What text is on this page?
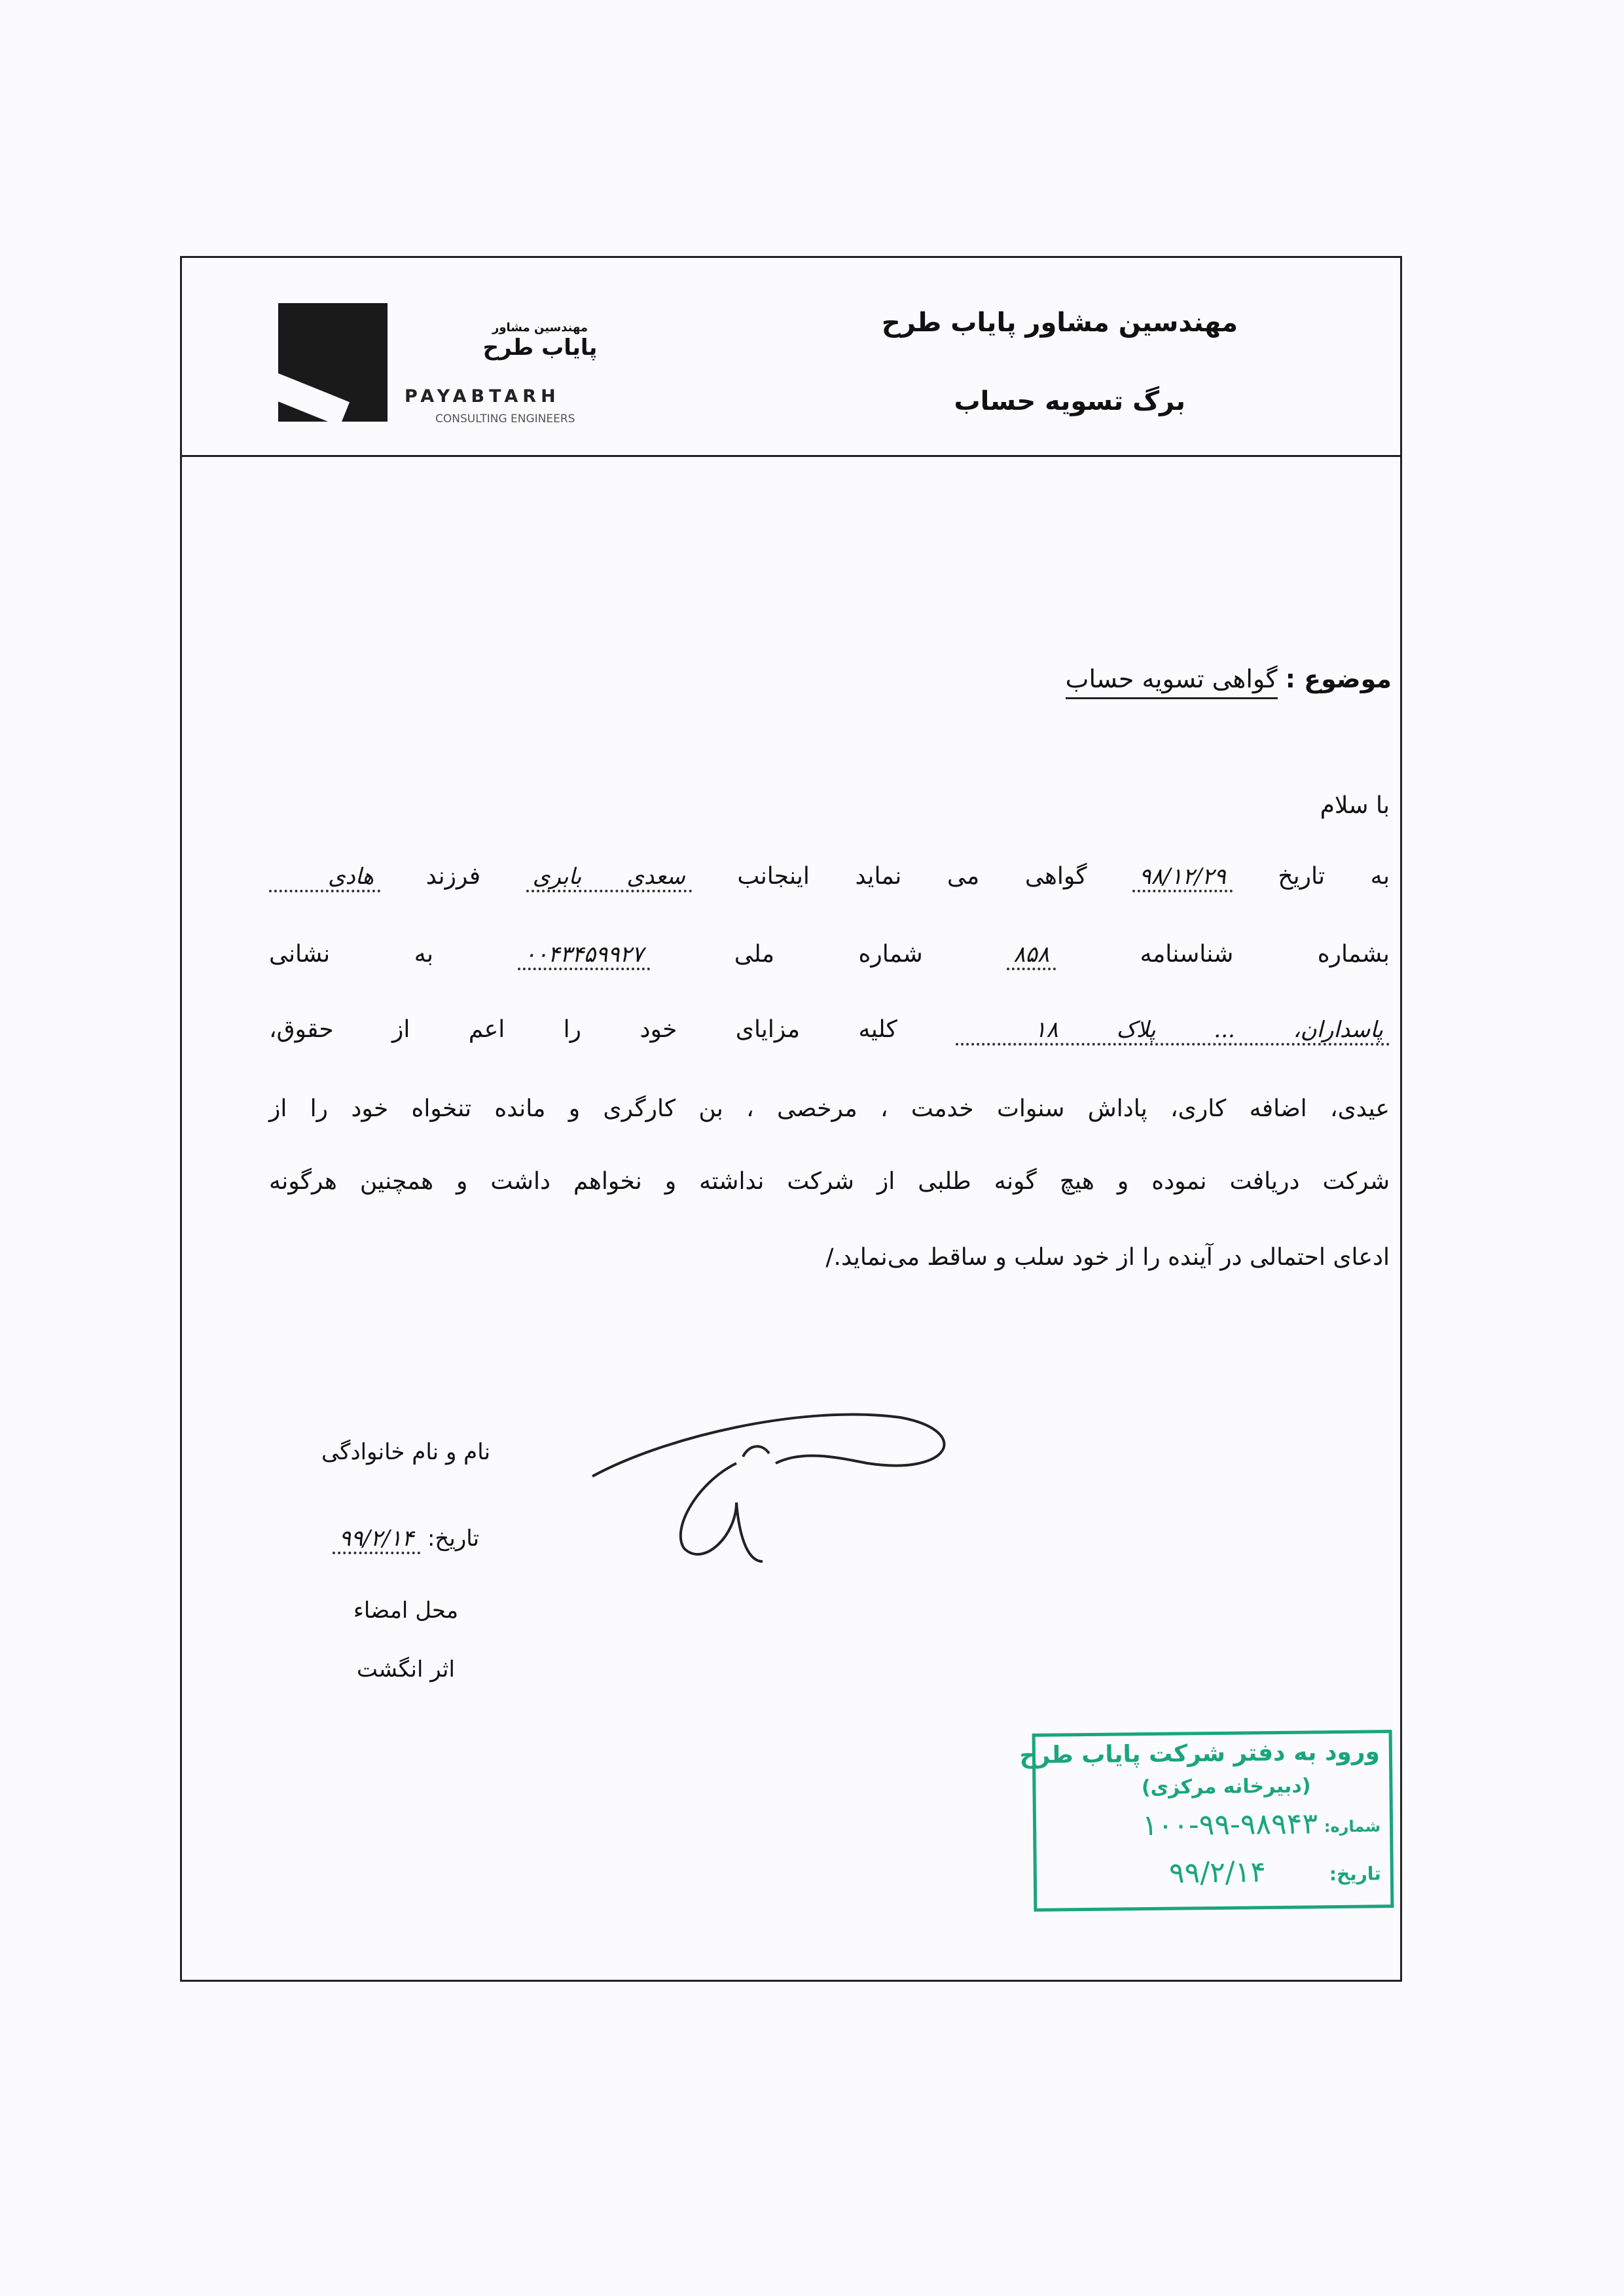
مهندسین مشاور
پایاب طرح
PAYABTARH
CONSULTING ENGINEERS
مهندسین مشاور پایاب طرح
برگ تسویه حساب
موضوع : گواهی تسویه حساب
با سلام
به تاریخ ۹۸/۱۲/۲۹ گواهی می نماید اینجانب سعدی بابری فرزند هادی
بشماره شناسنامه ۸۵۸ شماره ملی ۰۰۴۳۴۵۹۹۲۷ به نشانی
پاسداران، ... پلاک ۱۸ کلیه مزایای خود را اعم از حقوق،
عیدی، اضافه کاری، پاداش سنوات خدمت ، مرخصی ، بن کارگری و مانده تنخواه خود را از
شرکت دریافت نموده و هیچ گونه طلبی از شرکت نداشته و نخواهم داشت و همچنین هرگونه
ادعای احتمالی در آینده را از خود سلب و ساقط می‌نماید./
نام و نام خانوادگی
تاریخ: ۹۹/۲/۱۴
محل امضاء
اثر انگشت
ورود به دفتر شرکت پایاب طرح
(دبیرخانه مرکزی)
شماره:
۱۰۰-۹۹-۹۸۹۴۳
تاریخ:
۹۹/۲/۱۴
